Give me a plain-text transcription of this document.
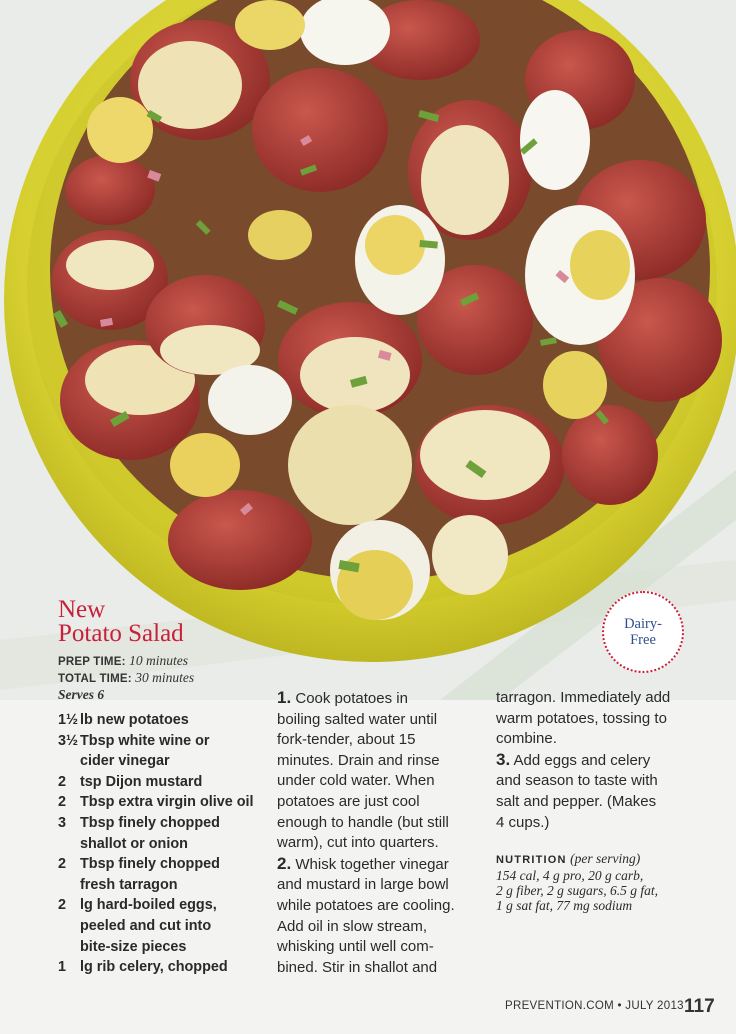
New
Potato Salad
PREP TIME: 10 minutes
TOTAL TIME: 30 minutes
Serves 6
1½ lb new potatoes
3½ Tbsp white wine or
cider vinegar
2 tsp Dijon mustard
2 Tbsp extra virgin olive oil
3 Tbsp finely chopped
shallot or onion
2 Tbsp finely chopped
fresh tarragon
2 lg hard-boiled eggs,
peeled and cut into
bite-size pieces
1 lg rib celery, chopped
1. Cook potatoes in
boiling salted water until
fork-tender, about 15
minutes. Drain and rinse
under cold water. When
potatoes are just cool
enough to handle (but still
warm), cut into quarters.
2. Whisk together vinegar
and mustard in large bowl
while potatoes are cooling.
Add oil in slow stream,
whisking until well com-
bined. Stir in shallot and
tarragon. Immediately add
warm potatoes, tossing to
combine.
3. Add eggs and celery
and season to taste with
salt and pepper. (Makes
4 cups.)
NUTRITION (per serving)
154 cal, 4 g pro, 20 g carb,
2 g fiber, 2 g sugars, 6.5 g fat,
1 g sat fat, 77 mg sodium
Dairy-
Free
PREVENTION.COM • JULY 2013 117
